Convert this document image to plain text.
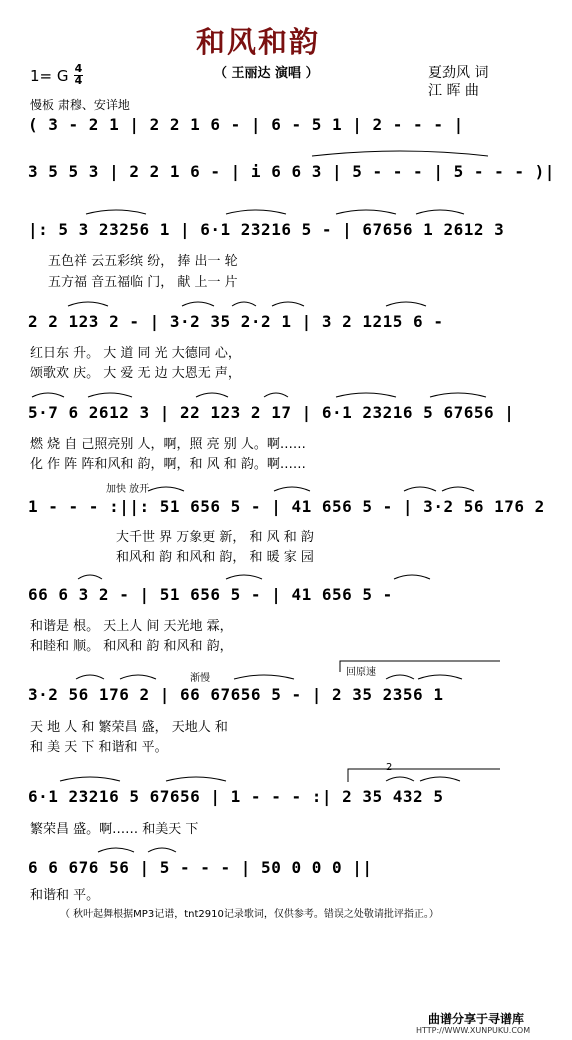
和风和韵
（ 王丽达 演唱 ）	夏劲风 词
江 晖 曲
1= G 4
4
慢板 肃穆、安详地
( 3 - 2 1 | 2 2 1 6 - | 6 - 5 1 | 2 - - - |
3 5 5 3 | 2 2 1 6 - | i 6 6 3 | 5 - - - | 5 - - - )|
|: 5 3 23256 1 | 6·1 23216 5 - | 67656 1 2612 3
五色祥 云五彩缤 纷， 捧 出一 轮
五方福 音五福临 门， 献 上一 片
2 2 123 2 - | 3·2 35 2·2 1 | 3 2 1215 6 -
红日东 升。 大 道 同 光 大德同 心，
颂歌欢 庆。 大 爱 无 边 大恩无 声，
5·7 6 2612 3 | 22 123 2 17 | 6·1 23216 5 67656 |
燃 烧 自 己照亮别 人，啊，照 亮 别 人。啊……
化 作 阵 阵和风和 韵，啊，和 风 和 韵。啊……
加快 放开
1 - - - :||: 51 656 5 - | 41 656 5 - | 3·2 56 176 2
大千世 界 万象更 新， 和 风 和 韵
和风和 韵 和风和 韵， 和 暖 家 园
66 6 3 2 - | 51 656 5 - | 41 656 5 -
和谐是 根。 天上人 间 天光地 霖，
和睦和 顺。 和风和 韵 和风和 韵，
渐慢
回原速
3·2 56 176 2 | 66 67656 5 - | 2 35 2356 1
天 地 人 和 繁荣昌 盛， 天地人 和
和 美 天 下 和谐和 平。
2
6·1 23216 5 67656 | 1 - - - :| 2 35 432 5
繁荣昌 盛。啊…… 和美天 下
6 6 676 56 | 5 - - - | 50 0 0 0 ||
和谐和 平。
（ 秋叶起舞根据MP3记谱，tnt2910记录歌词，仅供参考。错误之处敬请批评指正。）
曲谱分享于寻谱库
HTTP://WWW.XUNPUKU.COM
